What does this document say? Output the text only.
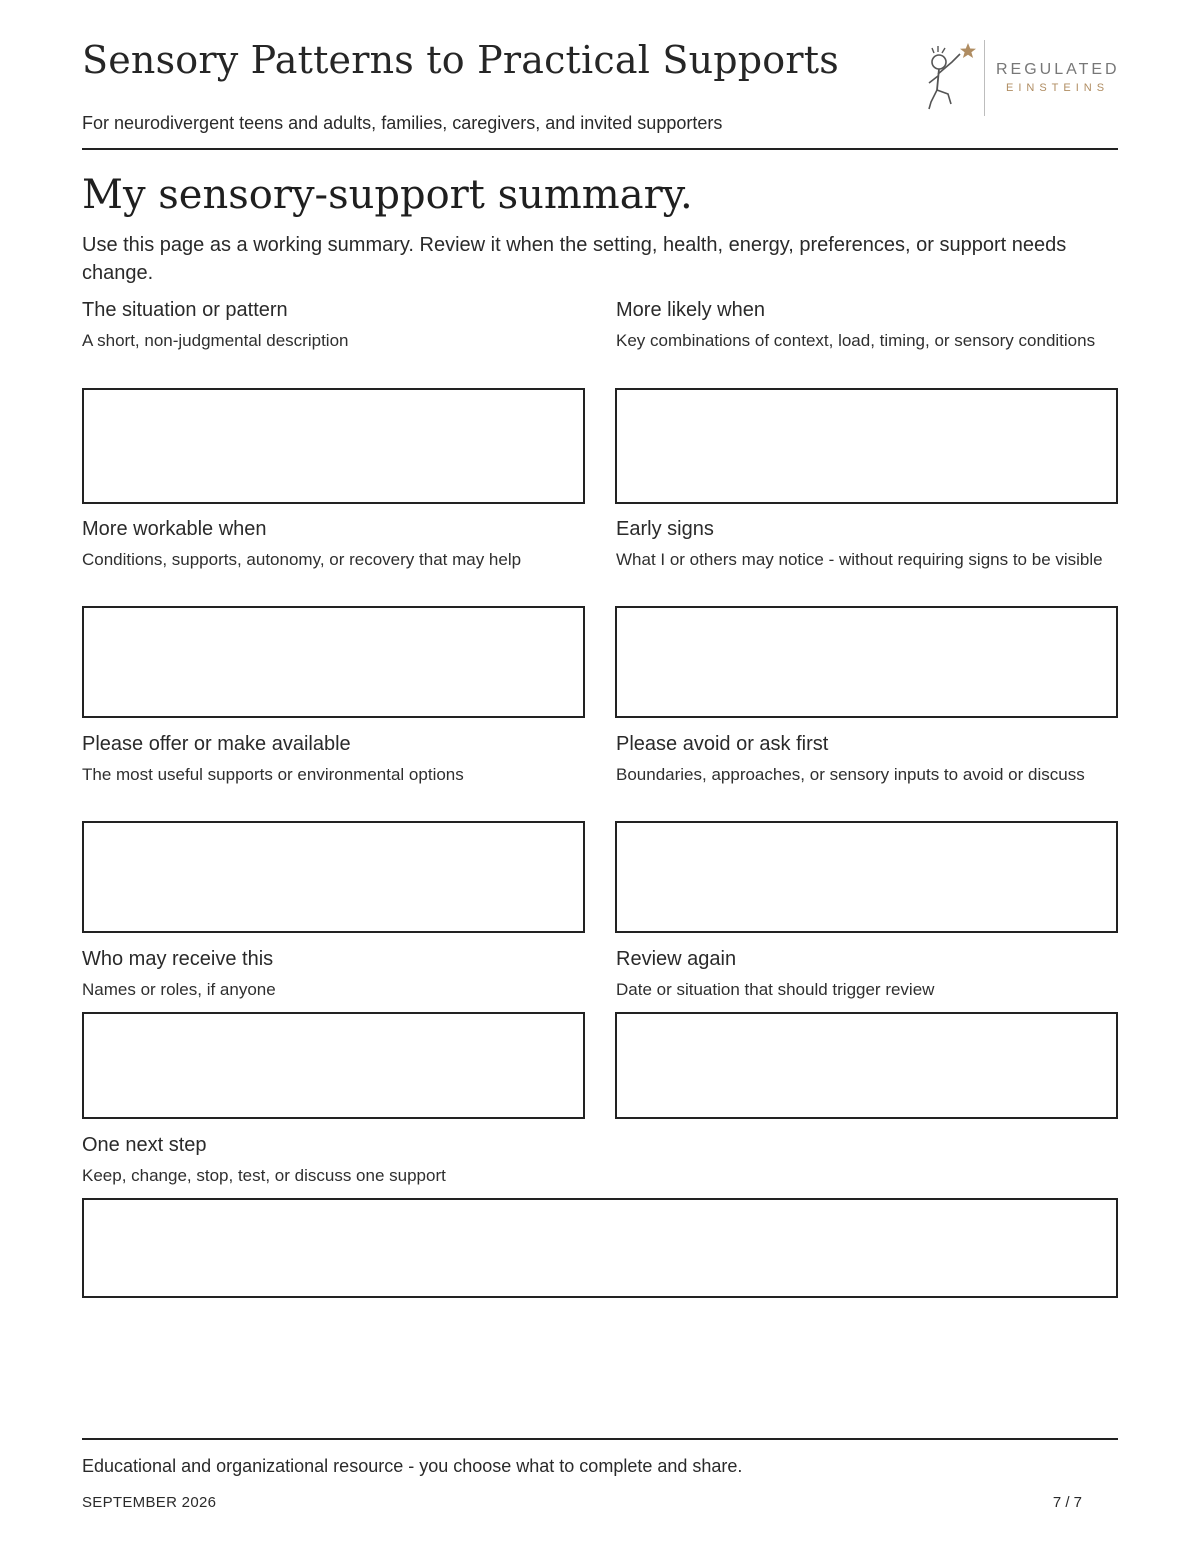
Sensory Patterns to Practical Supports
For neurodivergent teens and adults, families, caregivers, and invited supporters
REGULATED
EINSTEINS
My sensory-support summary.

Use this page as a working summary. Review it when the setting, health, energy, preferences, or support needs change.

The situation or pattern
A short, non-judgmental description
More likely when
Key combinations of context, load, timing, or sensory conditions
More workable when
Conditions, supports, autonomy, or recovery that may help
Early signs
What I or others may notice - without requiring signs to be visible
Please offer or make available
The most useful supports or environmental options
Please avoid or ask first
Boundaries, approaches, or sensory inputs to avoid or discuss
Who may receive this
Names or roles, if anyone
Review again
Date or situation that should trigger review
One next step
Keep, change, stop, test, or discuss one support
Educational and organizational resource - you choose what to complete and share.
SEPTEMBER 2026	7 / 7
